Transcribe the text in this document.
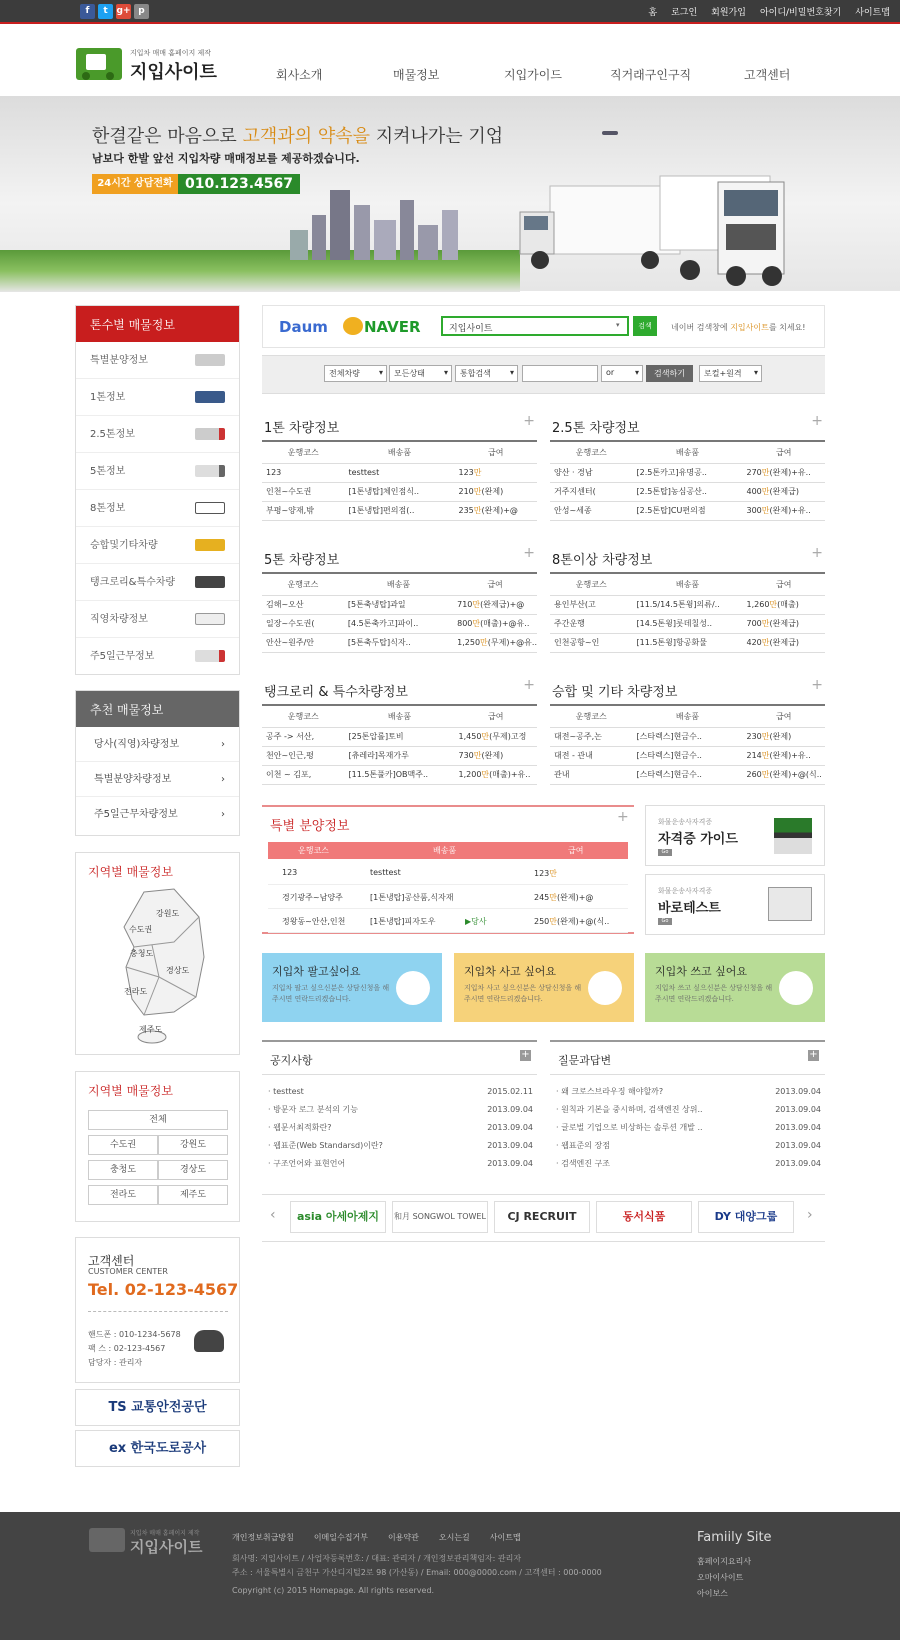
f	t g+ p	홈 로그인 회원가입 아이디/비밀번호찾기 사이트맵
지입차 매매 홈페이지 제작
지입사이트	회사소개	매물정보	지입가이드	직거래구인구직	고객센터
한결같은 마음으로 고객과의 약속을 지켜나가는 기업
남보다 한발 앞선 지입차량 매매정보를 제공하겠습니다.
24시간 상담전화 010.123.4567
톤수별 매물정보
특별분양정보
1톤정보
2.5톤정보
5톤정보
8톤정보
승합및기타차량
탱크로리&특수차량
직영차량정보
주5일근무정보
추천 매물정보
당사(직영)차량정보	›
특별분양차량정보	›
주5일근무차량정보	›
지역별 매물정보
수도권
강원도
충청도
경상도
전라도
제주도
지역별 매물정보
전체
수도권	강원도
충청도	경상도
전라도	제주도
고객센터
CUSTOMER CENTER
Tel. 02-123-4567
핸드폰 : 010-1234-5678
팩 스 : 02-123-4567
담당자 : 관리자
TS 교통안전공단
ex 한국도로공사
Daum NAVER	지입사이트	▾	검색	네이버 검색창에 지입사이트를 치세요!
전체차량 ▾	모든상태 ▾	통합검색 ▾	or	▾	검색하기	로컬+원격 ▾
1톤 차량정보	+
운행코스	배송품	급여
123	testtest	123만
인천~수도권	[1톤냉탑]체인점식..	210만(완제)
부평~양재,밖	[1톤냉탑]편의점(..	235만(완제)+@
2.5톤 차량정보	+
운행코스	배송품	급여
양산 · 경남	[2.5톤카고]유명공..	270만(완제)+유..
거주지센터(	[2.5톤탑]농심공산..	400만(완제급)
안성~세종	[2.5톤탑]CU편의점	300만(완제)+유..
5톤 차량정보	+
운행코스	배송품	급여
김해~오산	[5톤축냉탑]과일	710만(완제급)+@
일장~수도권(	[4.5톤축카고]파이..	800만(매출)+@유..
안산~원주/안	[5톤축두탑]식자..	1,250만(무제)+@유..
8톤이상 차량정보	+
운행코스	배송품	급여
용인부산(고	[11.5/14.5톤윙]의류/..	1,260만(매출)
주간운행	[14.5톤윙]롯데칠성..	700만(완제급)
인천공항~인	[11.5톤윙]항공화물	420만(완제급)
탱크로리 & 특수차량정보	+
운행코스	배송품	급여
공주 -> 서산,	[25톤압롤]토비	1,450만(무제)고정
천안~인근,평	[츄레라]목재가루	730만(완제)
이천 ~ 김포,	[11.5톤풀카]OB맥주..	1,200만(매출)+유..
승합 및 기타 차량정보	+
운행코스	배송품	급여
대전~공주,논	[스타렉스]현금수..	230만(완제)
대전 - 관내	[스타렉스]현금수..	214만(완제)+유..
관내	[스타렉스]현금수..	260만(완제)+@(식..
특별 분양정보
+
운행코스	배송품	급여
123	testtest	123만
경기광주~남양주	[1톤냉탑]공산품,식자재	245만(완제)+@
정왕동~안산,인천	[1톤냉탑]피자도우	▶당사	250만(완제)+@(식..
화물운송사자격증
자격증 가이드
Go
화물운송사자격증
바로테스트
Go
지입차 팔고싶어요
지입차 팔고 싶으신분은 상담신청을 해주시면 연락드리겠습니다.
지입차 사고 싶어요
지입차 사고 싶으신분은 상담신청을 해주시면 연락드리겠습니다.
지입차 쓰고 싶어요
지입차 쓰고 싶으신분은 상담신청을 해주시면 연락드리겠습니다.
공지사항	+
· testtest	2015.02.11
· 방문자 로그 분석의 기능	2013.09.04
· 웹문서최적화란?	2013.09.04
· 웹표준(Web Standarsd)이란?	2013.09.04
· 구조언어와 표현언어	2013.09.04
질문과답변	+
· 왜 크로스브라우징 해야할까?	2013.09.04
· 원칙과 기본을 중시하며, 검색엔진 상위..	2013.09.04
· 글로벌 기업으로 비상하는 솔루션 개발 ..	2013.09.04
· 웹표준의 장점	2013.09.04
· 검색엔진 구조	2013.09.04
‹	›
asia 아세아제지	和月 SONGWOL TOWEL	CJ RECRUIT	동서식품	DY 대양그룹
지입차 매매 홈페이지 제작
지입사이트
개인정보취급방침	이메일수집거부	이용약관	오시는길	사이트맵
회사명: 지입사이트 / 사업자등록번호: / 대표: 관리자 / 개인정보관리책임자: 관리자
주소 : 서울특별시 금천구 가산디지털2로 98 (가산동) / Email: 000@0000.com / 고객센터 : 000-0000
Copyright (c) 2015 Homepage. All rights reserved.
Famiily Site
홈페이지요리사
오마이사이트
아이보스
